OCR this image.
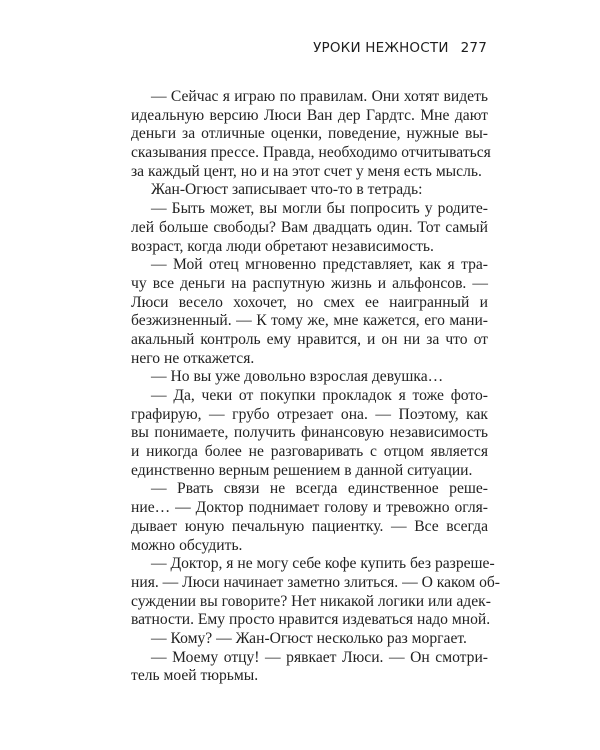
УРОКИ НЕЖНОСТИ 277
— Сейчас я играю по правилам. Они хотят видеть
идеальную версию Люси Ван дер Гардтс. Мне дают
деньги за отличные оценки, поведение, нужные вы-
сказывания прессе. Правда, необходимо отчитываться
за каждый цент, но и на этот счет у меня есть мысль.
Жан-Огюст записывает что-то в тетрадь:
— Быть может, вы могли бы попросить у родите-
лей больше свободы? Вам двадцать один. Тот самый
возраст, когда люди обретают независимость.
— Мой отец мгновенно представляет, как я тра-
чу все деньги на распутную жизнь и альфонсов. —
Люси весело хохочет, но смех ее наигранный и
безжизненный. — К тому же, мне кажется, его мани-
акальный контроль ему нравится, и он ни за что от
него не откажется.
— Но вы уже довольно взрослая девушка…
— Да, чеки от покупки прокладок я тоже фото-
графирую, — грубо отрезает она. — Поэтому, как
вы понимаете, получить финансовую независимость
и никогда более не разговаривать с отцом является
единственно верным решением в данной ситуации.
— Рвать связи не всегда единственное реше-
ние… — Доктор поднимает голову и тревожно огля-
дывает юную печальную пациентку. — Все всегда
можно обсудить.
— Доктор, я не могу себе кофе купить без разреше-
ния. — Люси начинает заметно злиться. — О каком об-
суждении вы говорите? Нет никакой логики или адек-
ватности. Ему просто нравится издеваться надо мной.
— Кому? — Жан-Огюст несколько раз моргает.
— Моему отцу! — рявкает Люси. — Он смотри-
тель моей тюрьмы.
